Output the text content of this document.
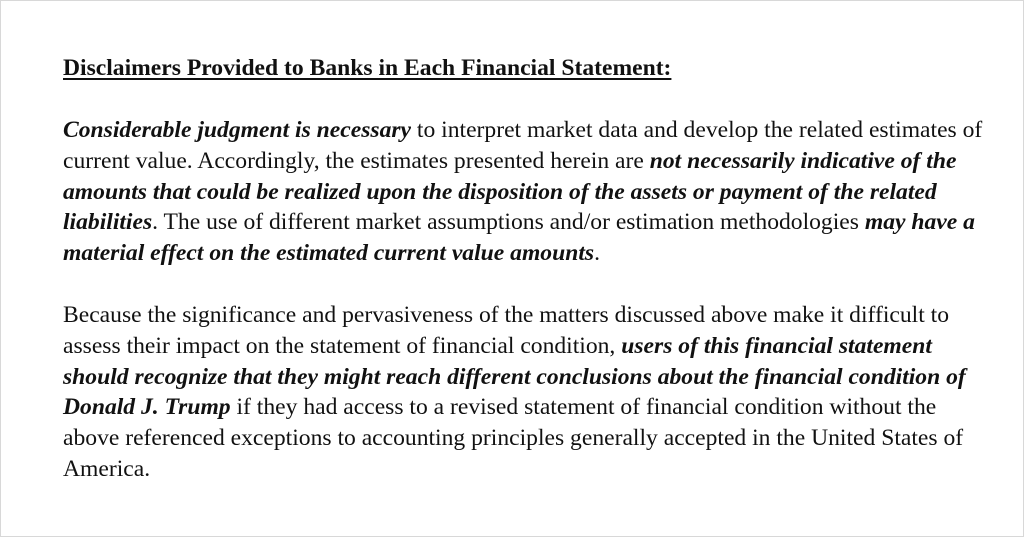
Disclaimers Provided to Banks in Each Financial Statement:

Considerable judgment is necessary to interpret market data and develop the related estimates of current value. Accordingly, the estimates presented herein are not necessarily indicative of the amounts that could be realized upon the disposition of the assets or payment of the related liabilities. The use of different market assumptions and/or estimation methodologies may have a material effect on the estimated current value amounts.

Because the significance and pervasiveness of the matters discussed above make it difficult to assess their impact on the statement of financial condition, users of this financial statement should recognize that they might reach different conclusions about the financial condition of Donald J. Trump if they had access to a revised statement of financial condition without the above referenced exceptions to accounting principles generally accepted in the United States of America.
